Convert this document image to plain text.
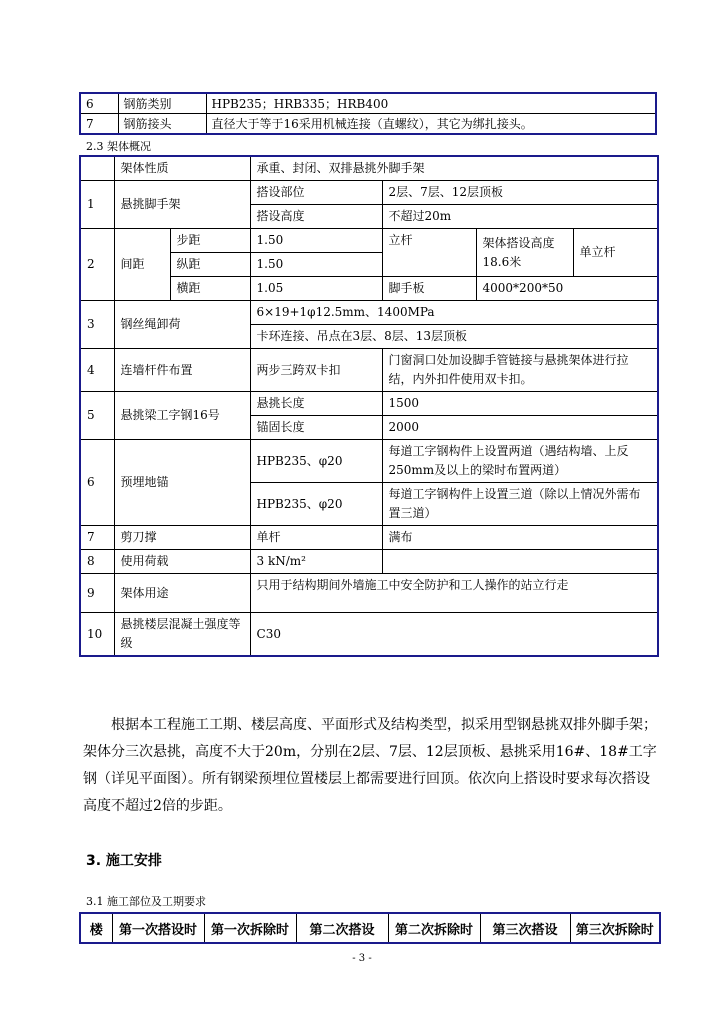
6	钢筋类别	HPB235；HRB335；HRB400
7	钢筋接头	直径大于等于16采用机械连接（直螺纹），其它为绑扎接头。
2.3 架体概况
	架体性质		承重、封闭、双排悬挑外脚手架			
1	悬挑脚手架		搭设部位	2层、7层、12层顶板		
			搭设高度	不超过20m		
2	间距	步距	1.50	立杆	架体搭设高度18.6米	单立杆
		纵距	1.50			
		横距	1.05	脚手板	4000*200*50	
3	钢丝绳卸荷		6×19+1φ12.5mm、1400MPa			
			卡环连接、吊点在3层、8层、13层顶板			
4	连墙杆件布置		两步三跨双卡扣	门窗洞口处加设脚手管链接与悬挑架体进行拉结，内外扣件使用双卡扣。		
5	悬挑梁工字钢16号		悬挑长度	1500		
			锚固长度	2000		
6	预埋地锚		HPB235、φ20	每道工字钢构件上设置两道（遇结构墙、上反250mm及以上的梁时布置两道）		
			HPB235、φ20	每道工字钢构件上设置三道（除以上情况外需布置三道）		
7	剪刀撑		单杆	满布		
8	使用荷载		3 kN/m²			
9	架体用途		只用于结构期间外墙施工中安全防护和工人操作的站立行走			
10	悬挑楼层混凝土强度等级		C30			

根据本工程施工工期、楼层高度、平面形式及结构类型，拟采用型钢悬挑双排外脚手架；架体分三次悬挑，高度不大于20m，分别在2层、7层、12层顶板、悬挑采用16#、18#工字钢（详见平面图）。所有钢梁预埋位置楼层上都需要进行回顶。依次向上搭设时要求每次搭设高度不超过2倍的步距。

3. 施工安排
3.1 施工部位及工期要求
楼	第一次搭设时	第一次拆除时	第二次搭设	第二次拆除时	第三次搭设	第三次拆除时
- 3 -
